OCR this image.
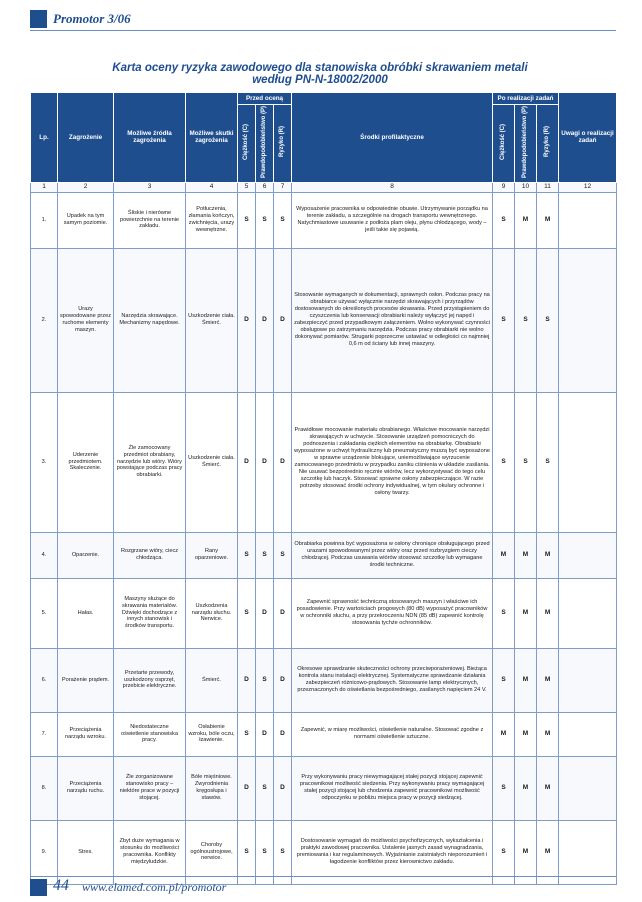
Promotor 3/06
Karta oceny ryzyka zawodowego dla stanowiska obróbki skrawaniem metali
według PN-N-18002/2000
Lp.	Zagrożenie	Możliwe źródła zagrożenia	Możliwe skutki zagrożenia	Przed oceną			Środki profilaktyczne	Po realizacji zadań			Uwagi o realizacji zadań
				Ciężkość (C)	Prawdopodobieństwo (P)	Ryzyko (R)		Ciężkość (C)	Prawdopodobieństwo (P)	Ryzyko (R)	
1	2	3	4	5	6	7	8	9	10	11	12
1.	Upadek na tym samym poziomie.	Śliskie i nierówne powierzchnie na terenie zakładu.	Potłuczenia, złamania kończyn, zwichnięcia, urazy wewnętrzne.	S	S	S	Wyposażenie pracownika w odpowiednie obuwie. Utrzymywanie porządku na terenie zakładu, a szczególnie na drogach transportu wewnętrznego. Natychmiastowe usuwanie z podłoża plam oleju, płynu chłodzącego, wody – jeśli takie się pojawią.	S	M	M	
2.	Urazy spowodowane przez ruchome elementy maszyn.	Narzędzia skrawające. Mechanizmy napędowe.	Uszkodzenie ciała. Śmierć.	D	D	D	Stosowanie wymaganych w dokumentacji, sprawnych osłon. Podczas pracy na obrabiarce używać wyłącznie narzędzi skrawających i przyrządów dostosowanych do określonych procesów skrawania. Przed przystąpieniem do czyszczenia lub konserwacji obrabiarki należy wyłączyć jej napęd i zabezpieczyć przed przypadkowym załączeniem. Wolno wykonywać czynności obsługowe po zatrzymaniu narzędzia. Podczas pracy obrabiarki nie wolno dokonywać pomiarów. Strugarki poprzeczne ustawiać w odległości co najmniej 0,6 m od ściany lub innej maszyny.	S	S	S	
3.	Uderzenie przedmiotem. Skaleczenie.	Źle zamocowany przedmiot obrabiany, narzędzie lub wióry. Wióry powstające podczas pracy obrabiarki.	Uszkodzenie ciała. Śmierć.	D	D	D	Prawidłowe mocowanie materiału obrabianego. Właściwe mocowanie narzędzi skrawających w uchwycie. Stosowanie urządzeń pomocniczych do podnoszenia i zakładania ciężkich elementów na obrabiarkę. Obrabiarki wyposażone w uchwyt hydrauliczny lub pneumatyczny muszą być wyposażone w sprawne urządzenie blokujące, uniemożliwiające wyrzucenie zamocowanego przedmiotu w przypadku zaniku ciśnienia w układzie zasilania. Nie usuwać bezpośrednio ręcznie wiórów, lecz wykorzystywać do tego celu szczotkę lub haczyk. Stosować sprawne osłony zabezpieczające. W razie potrzeby stosować środki ochrony indywidualnej, w tym okulary ochronne i osłony twarzy.	S	S	S	
4.	Oparzenie.	Rozgrzane wióry, ciecz chłodząca.	Rany oparzeniowe.	S	S	S	Obrabiarka powinna być wyposażona w osłony chroniące obsługującego przed urazami spowodowanymi przez wióry oraz przed rozbryzgiem cieczy chłodzącej. Podczas usuwania wiórów stosować szczotkę lub wymagane środki techniczne.	M	M	M	
5.	Hałas.	Maszyny służące do skrawania materiałów. Dźwięki dochodzące z innych stanowisk i środków transportu.	Uszkodzenia narządu słuchu. Nerwice.	S	D	D	Zapewnić sprawność techniczną stosowanych maszyn i właściwe ich posadowienie. Przy wartościach progowych (80 dB) wyposażyć pracowników w ochronniki słuchu, a przy przekroczeniu NDN (85 dB) zapewnić kontrolę stosowania tychże ochronników.	S	M	M	
6.	Porażenie prądem.	Przetarte przewody, uszkodzony osprzęt, przebicie elektryczne.	Śmierć.	D	S	D	Okresowe sprawdzanie skuteczności ochrony przeciwporażeniowej. Bieżąca kontrola stanu instalacji elektrycznej. Systematyczne sprawdzanie działania zabezpieczeń różnicowo-prądowych. Stosowanie lamp elektrycznych, przeznaczonych do oświetlania bezpośredniego, zasilanych napięciem 24 V.	S	M	M	
7.	Przeciążenia narządu wzroku.	Niedostateczne oświetlenie stanowiska pracy.	Osłabienie wzroku, bóle oczu, łzawienie.	S	D	D	Zapewnić, w miarę możliwości, oświetlenie naturalne. Stosować zgodne z normami oświetlenie sztuczne.	M	M	M	
8.	Przeciążenia narządu ruchu.	Źle zorganizowane stanowisko pracy – niektóre prace w pozycji stojącej.	Bóle mięśniowe. Zwyrodnienia kręgosłupa i stawów.	D	S	D	Przy wykonywaniu pracy niewymagającej stałej pozycji stojącej zapewnić pracownikowi możliwość siedzenia. Przy wykonywaniu pracy wymagającej stałej pozycji stojącej lub chodzenia zapewnić pracownikowi możliwość odpoczynku w pobliżu miejsca pracy w pozycji siedzącej.	S	M	M	
9.	Stres.	Zbyt duże wymagania w stosunku do możliwości pracownika. Konflikty międzyludzkie.	Choroby ogólnoustrojowe, nerwice.	S	S	S	Dostosowanie wymagań do możliwości psychofizycznych, wykształcenia i praktyki zawodowej pracownika. Ustalenie jasnych zasad wynagradzania, premiowania i kar regulaminowych. Wyjaśnianie zaistniałych nieporozumień i łagodzenie konfliktów przez kierownictwo zakładu.	S	M	M	
44 www.elamed.com.pl/promotor
